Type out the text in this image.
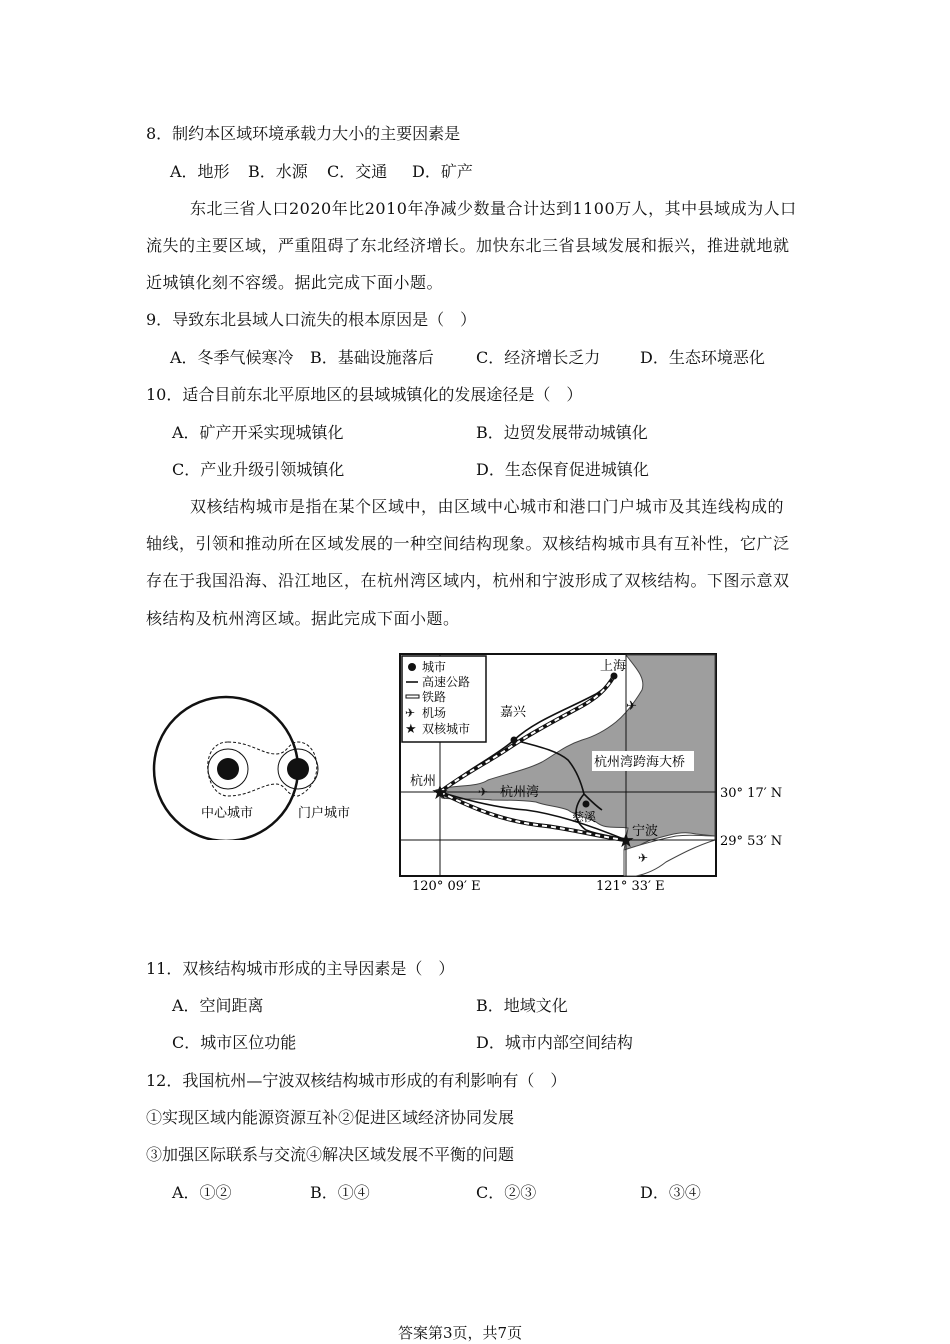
8．制约本区域环境承载力大小的主要因素是
A．地形 B．水源 C．交通 D．矿产
东北三省人口2020年比2010年净减少数量合计达到1100万人，其中县域成为人口
流失的主要区域，严重阻碍了东北经济增长。加快东北三省县域发展和振兴，推进就地就
近城镇化刻不容缓。据此完成下面小题。
9．导致东北县域人口流失的根本原因是（　）
A．冬季气候寒冷 B．基础设施落后	C．经济增长乏力 D．生态环境恶化
10．适合目前东北平原地区的县域城镇化的发展途径是（　）
A．矿产开采实现城镇化	B．边贸发展带动城镇化
C．产业升级引领城镇化	D．生态保育促进城镇化
双核结构城市是指在某个区域中，由区域中心城市和港口门户城市及其连线构成的
轴线，引领和推动所在区域发展的一种空间结构现象。双核结构城市具有互补性，它广泛
存在于我国沿海、沿江地区，在杭州湾区域内，杭州和宁波形成了双核结构。下图示意双
核结构及杭州湾区域。据此完成下面小题。
中心城市	门户城市
上海
嘉兴
慈溪
★
★
杭州
宁波
✈
✈
✈
杭州湾
杭州湾跨海大桥
城市
高速公路
铁路
✈ 机场
★ 双核城市
30° 17′ N
29° 53′ N
120° 09′ E	121° 33′ E
11．双核结构城市形成的主导因素是（　）
A．空间距离	B．地域文化
C．城市区位功能	D．城市内部空间结构
12．我国杭州—宁波双核结构城市形成的有利影响有（　）
①实现区域内能源资源互补②促进区域经济协同发展
③加强区际联系与交流④解决区域发展不平衡的问题
A．①②	B．①④	C．②③	D．③④
答案第3页，共7页
